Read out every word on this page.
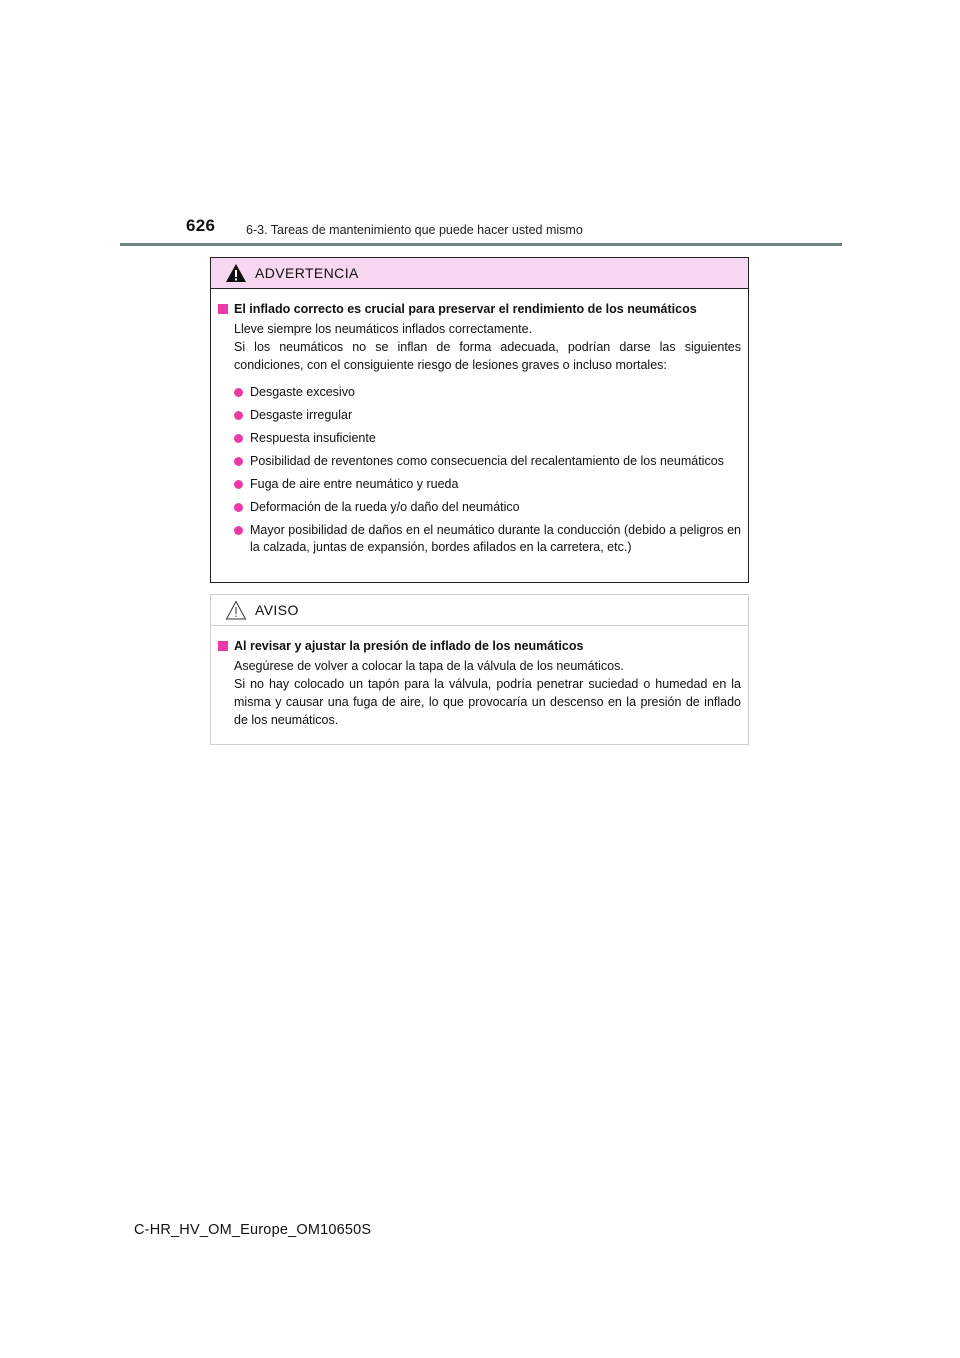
626 6-3. Tareas de mantenimiento que puede hacer usted mismo
ADVERTENCIA
El inflado correcto es crucial para preservar el rendimiento de los neumáticos

Lleve siempre los neumáticos inflados correctamente.

Si los neumáticos no se inflan de forma adecuada, podrían darse las siguientes condiciones, con el consiguiente riesgo de lesiones graves o incluso mortales:

Desgaste excesivo
Desgaste irregular
Respuesta insuficiente
Posibilidad de reventones como consecuencia del recalentamiento de los neumáticos
Fuga de aire entre neumático y rueda
Deformación de la rueda y/o daño del neumático
Mayor posibilidad de daños en el neumático durante la conducción (debido a peligros en la calzada, juntas de expansión, bordes afilados en la carretera, etc.)
AVISO
Al revisar y ajustar la presión de inflado de los neumáticos

Asegúrese de volver a colocar la tapa de la válvula de los neumáticos.

Si no hay colocado un tapón para la válvula, podría penetrar suciedad o humedad en la misma y causar una fuga de aire, lo que provocaría un descenso en la presión de inflado de los neumáticos.

C-HR_HV_OM_Europe_OM10650S
